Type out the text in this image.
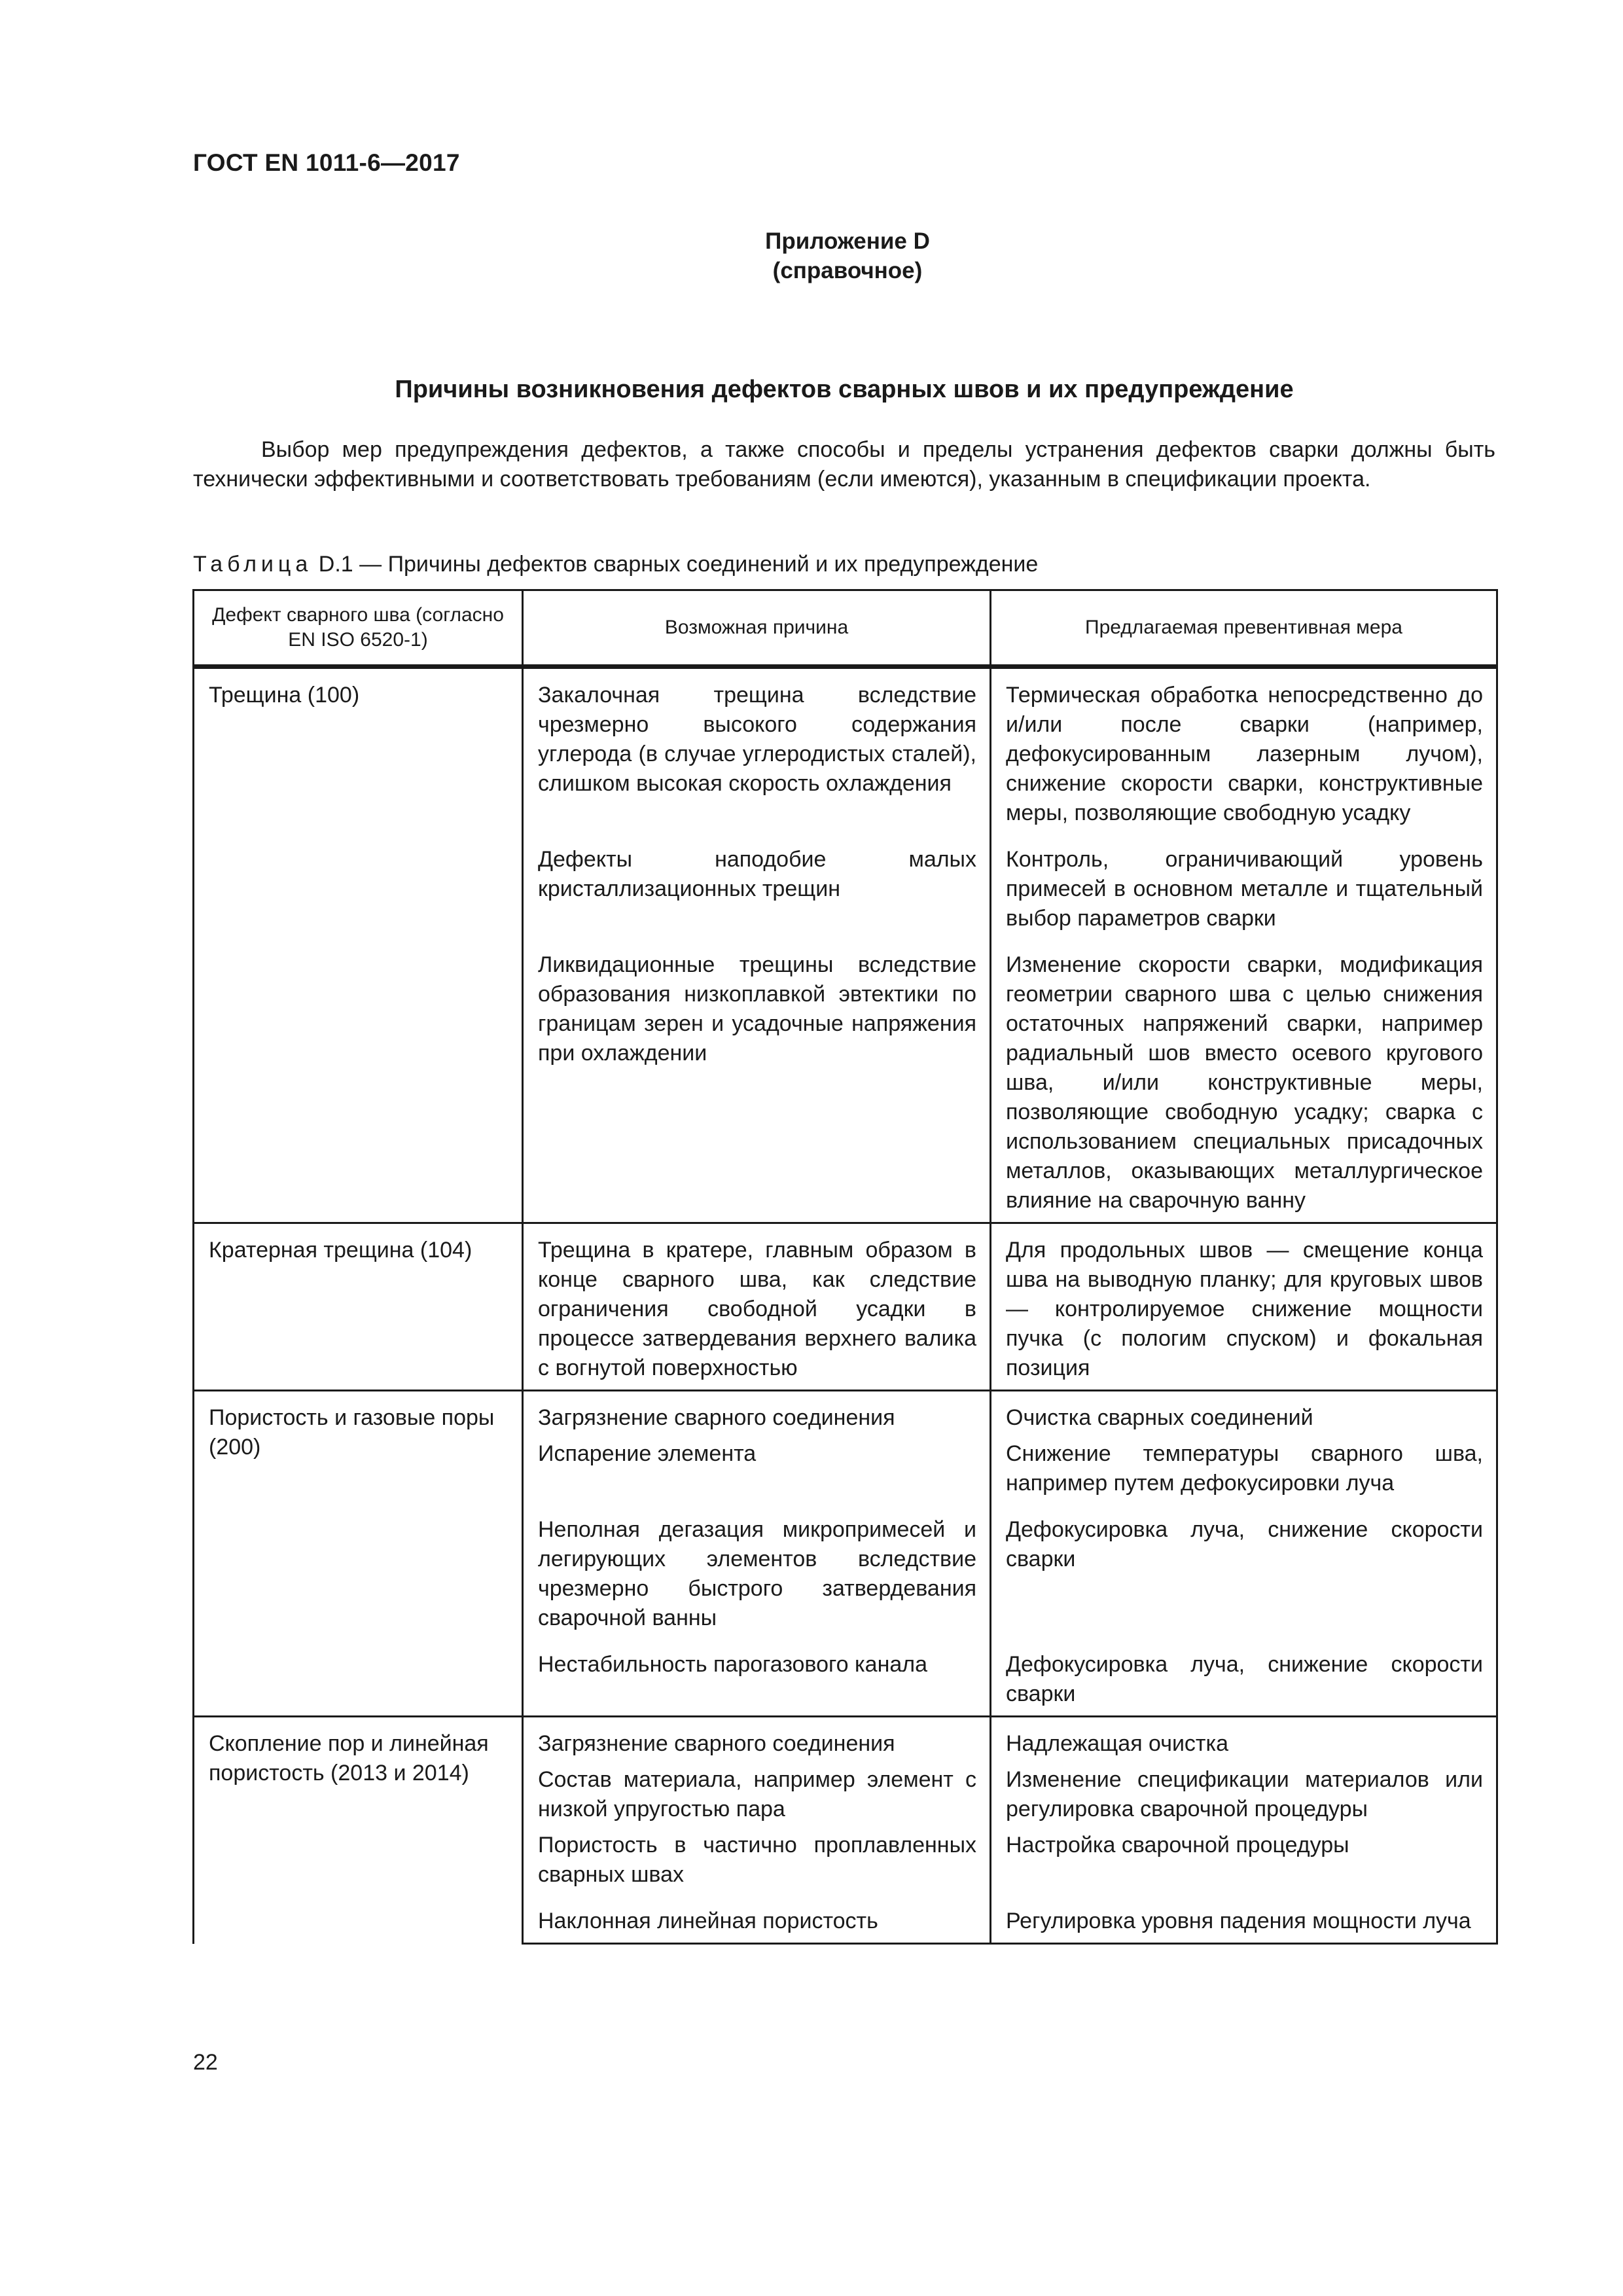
ГОСТ EN 1011-6—2017
Приложение D
(справочное)
Причины возникновения дефектов сварных швов и их предупреждение

Выбор мер предупреждения дефектов, а также способы и пределы устранения дефектов сварки должны быть технически эффективными и соответствовать требованиям (если имеются), указанным в спецификации проекта.

Таблица D.1 — Причины дефектов сварных соединений и их предупреждение
Дефект сварного шва (согласно EN ISO 6520-1)	Возможная причина	Предлагаемая превентивная мера
Трещина (100)	Закалочная трещина вследствие чрезмерно высокого содержания углерода (в случае углеродистых сталей), слишком высокая скорость охлаждения	Термическая обработка непосредственно до и/или после сварки (например, дефокусированным лазерным лучом), снижение скорости сварки, конструктивные меры, позволяющие свободную усадку
	Дефекты наподобие малых кристаллизационных трещин	Контроль, ограничивающий уровень примесей в основном металле и тщательный выбор параметров сварки
	Ликвидационные трещины вследствие образования низкоплавкой эвтектики по границам зерен и усадочные напряжения при охлаждении	Изменение скорости сварки, модификация геометрии сварного шва с целью снижения остаточных напряжений сварки, например радиальный шов вместо осевого кругового шва, и/или конструктивные меры, позволяющие свободную усадку; сварка с использованием специальных присадочных металлов, оказывающих металлургическое влияние на сварочную ванну
Кратерная трещина (104)	Трещина в кратере, главным образом в конце сварного шва, как следствие ограничения свободной усадки в процессе затвердевания верхнего валика с вогнутой поверхностью	Для продольных швов — смещение конца шва на выводную планку; для круговых швов — контролируемое снижение мощности пучка (с пологим спуском) и фокальная позиция
Пористость и газовые поры (200)	Загрязнение сварного соединения	Очистка сварных соединений
	Испарение элемента	Снижение температуры сварного шва, например путем дефокусировки луча
	Неполная дегазация микропримесей и легирующих элементов вследствие чрезмерно быстрого затвердевания сварочной ванны	Дефокусировка луча, снижение скорости сварки
	Нестабильность парогазового канала	Дефокусировка луча, снижение скорости сварки
Скопление пор и линейная пористость (2013 и 2014)	Загрязнение сварного соединения	Надлежащая очистка
	Состав материала, например элемент с низкой упругостью пара	Изменение спецификации материалов или регулировка сварочной процедуры
	Пористость в частично проплавленных сварных швах	Настройка сварочной процедуры
	Наклонная линейная пористость	Регулировка уровня падения мощности луча
22
